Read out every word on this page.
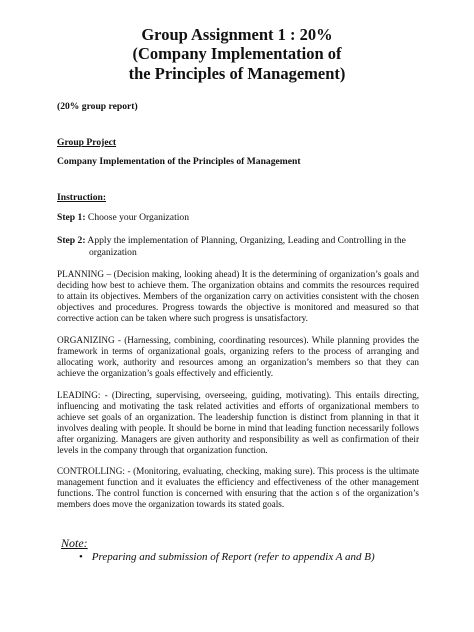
Group Assignment 1 : 20%
(Company Implementation of
the Principles of Management)
(20% group report)
Group Project
Company Implementation of the Principles of Management
Instruction:
Step 1: Choose your Organization
Step 2: Apply the implementation of Planning, Organizing, Leading and Controlling in the
organization

PLANNING – (Decision making, looking ahead) It is the determining of organization’s goals and deciding how best to achieve them. The organization obtains and commits the resources required to attain its objectives. Members of the organization carry on activities consistent with the chosen objectives and procedures. Progress towards the objective is monitored and measured so that corrective action can be taken where such progress is unsatisfactory.

ORGANIZING - (Harnessing, combining, coordinating resources). While planning provides the framework in terms of organizational goals, organizing refers to the process of arranging and allocating work, authority and resources among an organization’s members so that they can achieve the organization’s goals effectively and efficiently.

LEADING: - (Directing, supervising, overseeing, guiding, motivating). This entails directing, influencing and motivating the task related activities and efforts of organizational members to achieve set goals of an organization. The leadership function is distinct from planning in that it involves dealing with people. It should be borne in mind that leading function necessarily follows after organizing. Managers are given authority and responsibility as well as confirmation of their levels in the company through that organization function.

CONTROLLING: - (Monitoring, evaluating, checking, making sure). This process is the ultimate management function and it evaluates the efficiency and effectiveness of the other management functions. The control function is concerned with ensuring that the action s of the organization’s members does move the organization towards its stated goals.

Note:
• Preparing and submission of Report (refer to appendix A and B)
